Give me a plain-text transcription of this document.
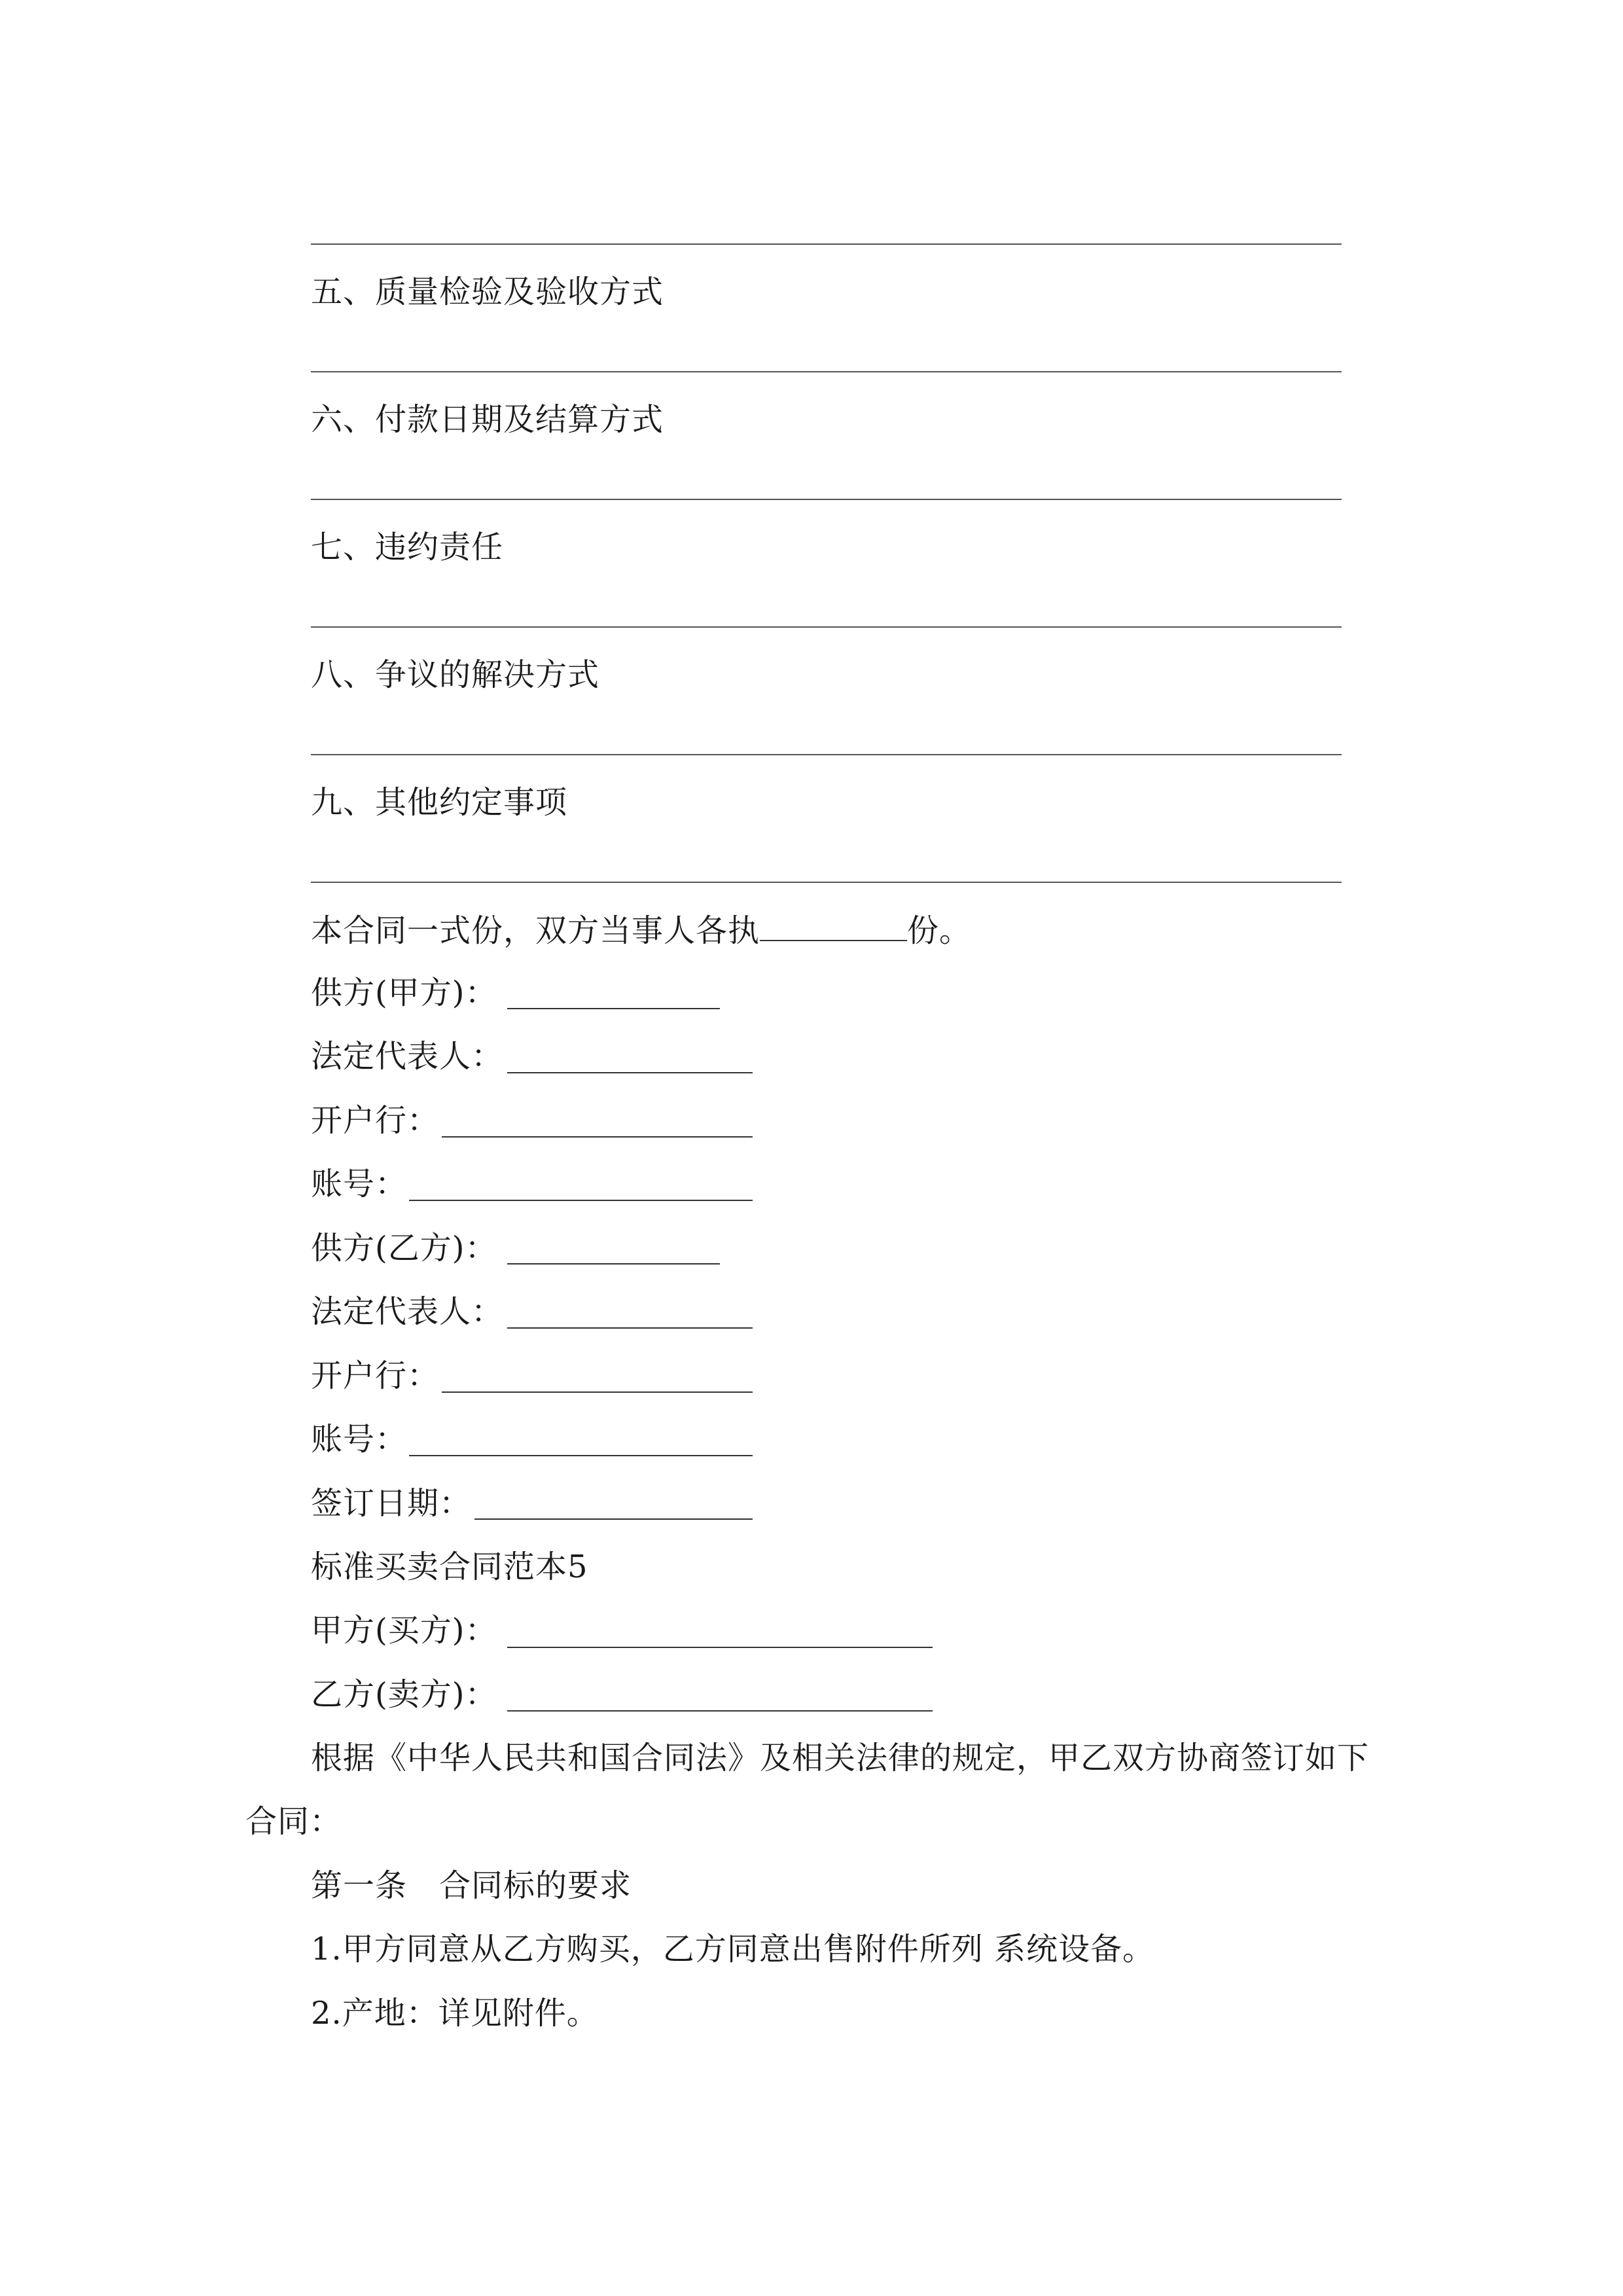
五、质量检验及验收方式
六、付款日期及结算方式
七、违约责任
八、争议的解决方式
九、其他约定事项
本合同一式份，双方当事人各执	份。
供方(甲方)：
法定代表人：
开户行：
账号：
供方(乙方)：
法定代表人：
开户行：
账号：
签订日期：
标准买卖合同范本5
甲方(买方)：
乙方(卖方)：
根据《中华人民共和国合同法》及相关法律的规定，甲乙双方协商签订如下
合同：
第一条　合同标的要求
1.甲方同意从乙方购买，乙方同意出售附件所列 系统设备。
2.产地：详见附件。
